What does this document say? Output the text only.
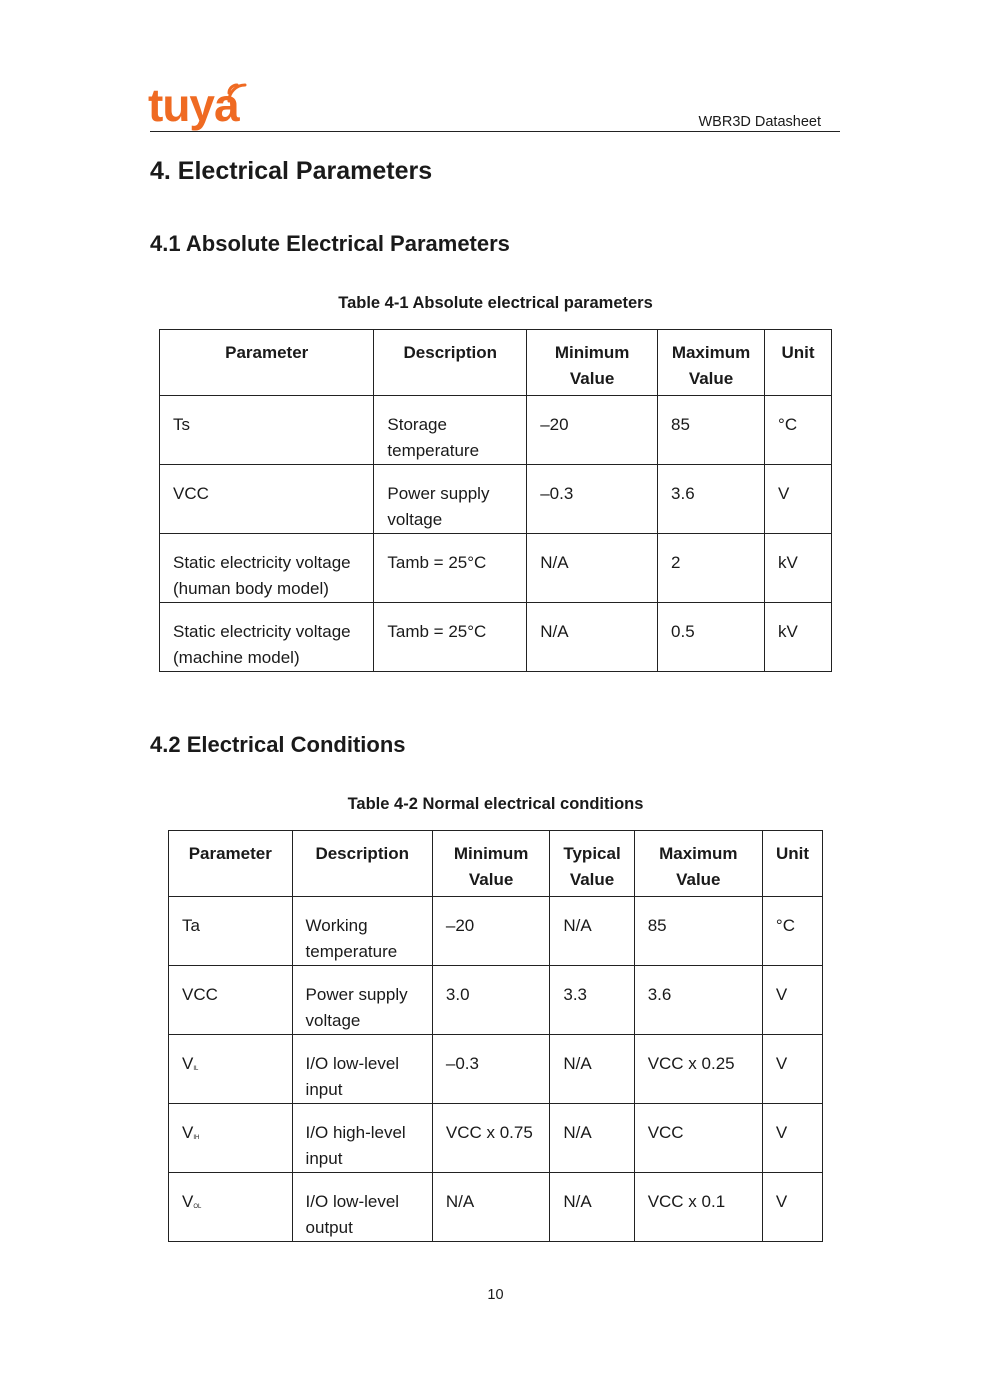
tuya	WBR3D Datasheet
4. Electrical Parameters
4.1 Absolute Electrical Parameters
Table 4-1 Absolute electrical parameters
Parameter	Description	Minimum Value	Maximum Value	Unit
Ts	Storage temperature	–20	85	°C
VCC	Power supply voltage	–0.3	3.6	V
Static electricity voltage (human body model)	Tamb = 25°C	N/A	2	kV
Static electricity voltage (machine model)	Tamb = 25°C	N/A	0.5	kV
4.2 Electrical Conditions
Table 4-2 Normal electrical conditions
Parameter	Description	Minimum Value	Typical Value	Maximum Value	Unit
Ta	Working temperature	–20	N/A	85	°C
VCC	Power supply voltage	3.0	3.3	3.6	V
VIL	I/O low-level input	–0.3	N/A	VCC x 0.25	V
VIH	I/O high-level input	VCC x 0.75	N/A	VCC	V
VOL	I/O low-level output	N/A	N/A	VCC x 0.1	V
10
